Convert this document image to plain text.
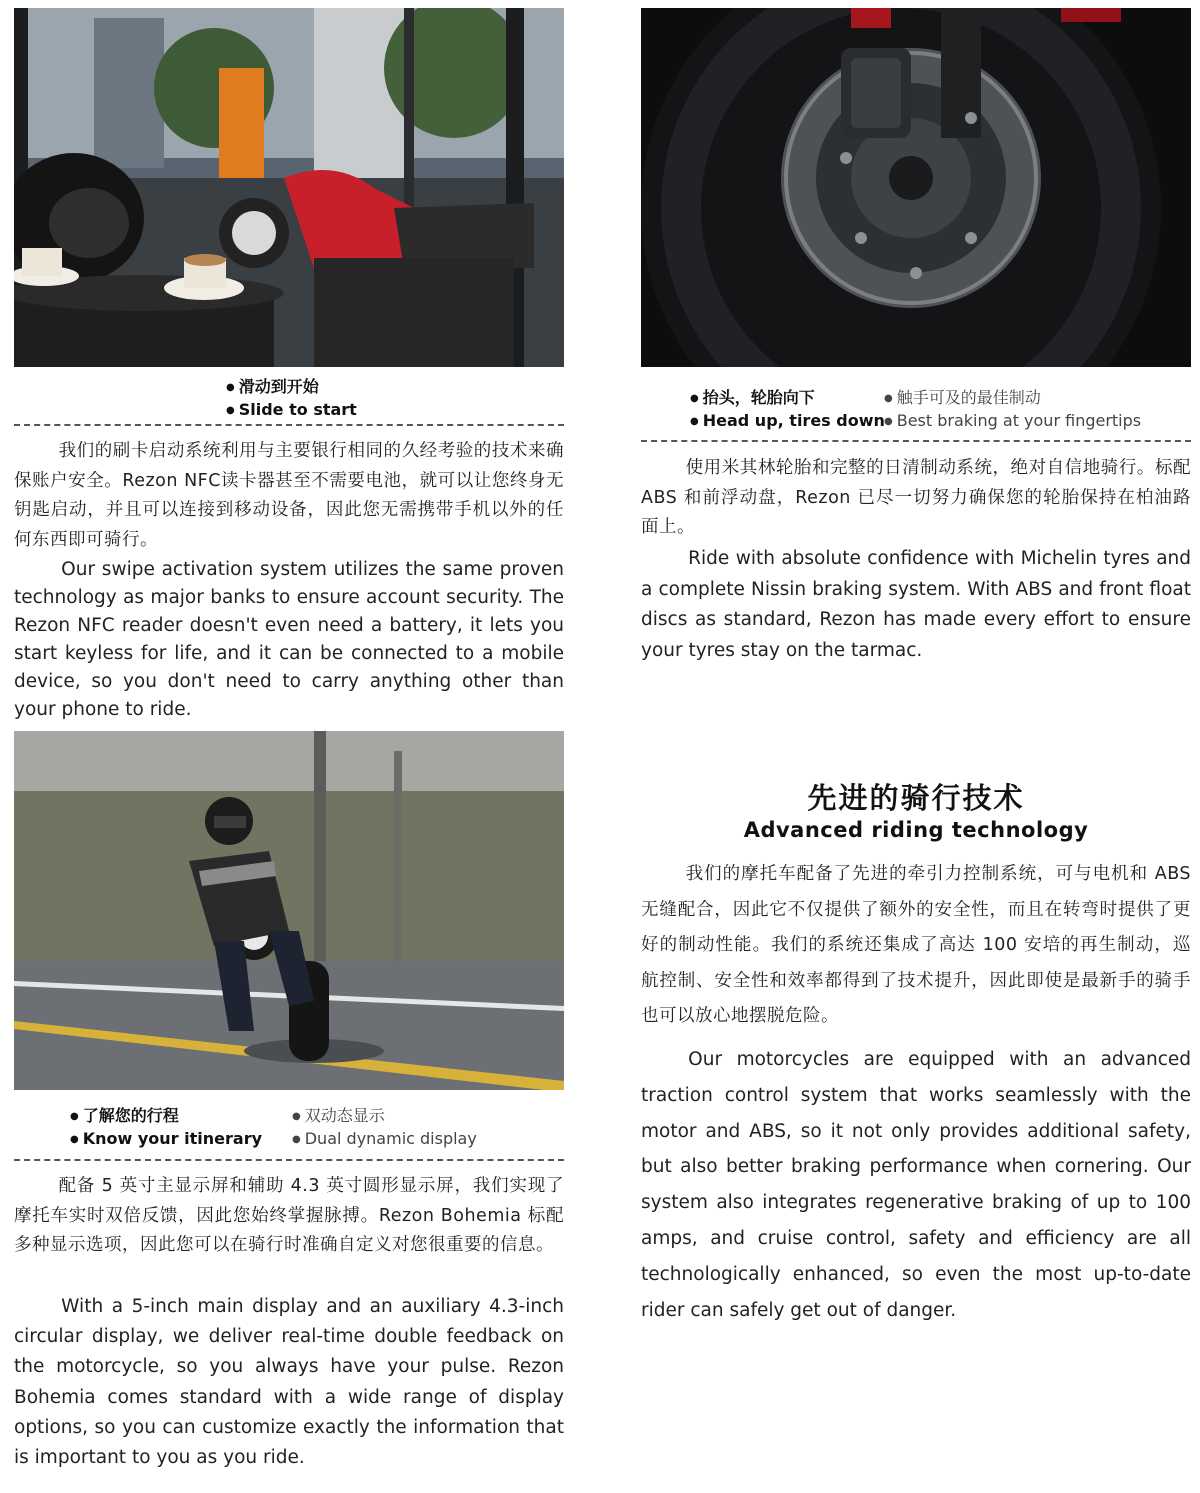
● 滑动到开始
● Slide to start

我们的刷卡启动系统利用与主要银行相同的久经考验的技术来确保账户安全。Rezon NFC读卡器甚至不需要电池，就可以让您终身无钥匙启动，并且可以连接到移动设备，因此您无需携带手机以外的任何东西即可骑行。

Our swipe activation system utilizes the same proven technology as major banks to ensure account security. The Rezon NFC reader doesn't even need a battery, it lets you start keyless for life, and it can be connected to a mobile device, so you don't need to carry anything other than your phone to ride.

● 了解您的行程
● Know your itinerary
● 双动态显示
● Dual dynamic display

配备 5 英寸主显示屏和辅助 4.3 英寸圆形显示屏，我们实现了摩托车实时双倍反馈，因此您始终掌握脉搏。Rezon Bohemia 标配多种显示选项，因此您可以在骑行时准确自定义对您很重要的信息。

With a 5-inch main display and an auxiliary 4.3-inch circular display, we deliver real-time double feedback on the motorcycle, so you always have your pulse. Rezon Bohemia comes standard with a wide range of display options, so you can customize exactly the information that is important to you as you ride.

● 抬头，轮胎向下
● Head up, tires down
● 触手可及的最佳制动
● Best braking at your fingertips

使用米其林轮胎和完整的日清制动系统，绝对自信地骑行。标配 ABS 和前浮动盘，Rezon 已尽一切努力确保您的轮胎保持在柏油路面上。

Ride with absolute confidence with Michelin tyres and a complete Nissin braking system. With ABS and front float discs as standard, Rezon has made every effort to ensure your tyres stay on the tarmac.

先进的骑行技术
Advanced riding technology

我们的摩托车配备了先进的牵引力控制系统，可与电机和 ABS 无缝配合，因此它不仅提供了额外的安全性，而且在转弯时提供了更好的制动性能。我们的系统还集成了高达 100 安培的再生制动，巡航控制、安全性和效率都得到了技术提升，因此即使是最新手的骑手也可以放心地摆脱危险。

Our motorcycles are equipped with an advanced traction control system that works seamlessly with the motor and ABS, so it not only provides additional safety, but also better braking performance when cornering. Our system also integrates regenerative braking of up to 100 amps, and cruise control, safety and efficiency are all technologically enhanced, so even the most up-to-date rider can safely get out of danger.
